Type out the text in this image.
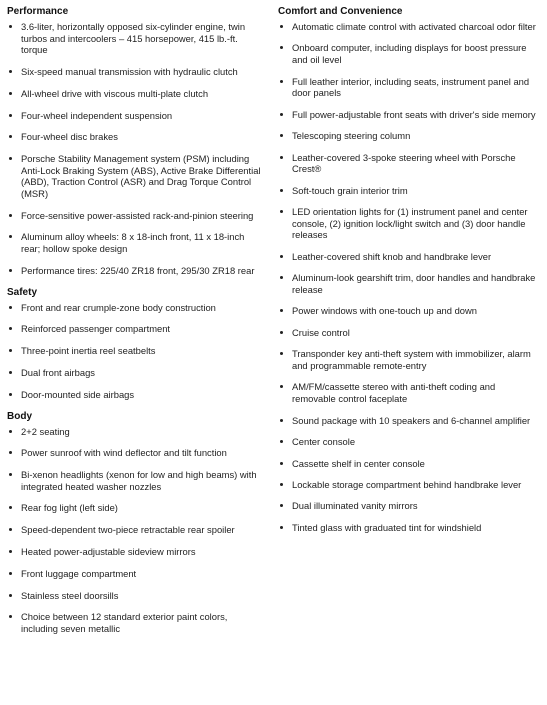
Performance
3.6-liter, horizontally opposed six-cylinder engine, twin turbos and intercoolers – 415 horsepower, 415 lb.-ft. torque
Six-speed manual transmission with hydraulic clutch
All-wheel drive with viscous multi-plate clutch
Four-wheel independent suspension
Four-wheel disc brakes
Porsche Stability Management system (PSM) including Anti-Lock Braking System (ABS), Active Brake Differential (ABD), Traction Control (ASR) and Drag Torque Control (MSR)
Force-sensitive power-assisted rack-and-pinion steering
Aluminum alloy wheels: 8 x 18-inch front, 11 x 18-inch rear; hollow spoke design
Performance tires: 225/40 ZR18 front, 295/30 ZR18 rear
Safety
Front and rear crumple-zone body construction
Reinforced passenger compartment
Three-point inertia reel seatbelts
Dual front airbags
Door-mounted side airbags
Body
2+2 seating
Power sunroof with wind deflector and tilt function
Bi-xenon headlights (xenon for low and high beams) with integrated heated washer nozzles
Rear fog light (left side)
Speed-dependent two-piece retractable rear spoiler
Heated power-adjustable sideview mirrors
Front luggage compartment
Stainless steel doorsills
Choice between 12 standard exterior paint colors, including seven metallic
Comfort and Convenience
Automatic climate control with activated charcoal odor filter
Onboard computer, including displays for boost pressure and oil level
Full leather interior, including seats, instrument panel and door panels
Full power-adjustable front seats with driver's side memory
Telescoping steering column
Leather-covered 3-spoke steering wheel with Porsche Crest®
Soft-touch grain interior trim
LED orientation lights for (1) instrument panel and center console, (2) ignition lock/light switch and (3) door handle releases
Leather-covered shift knob and handbrake lever
Aluminum-look gearshift trim, door handles and handbrake release
Power windows with one-touch up and down
Cruise control
Transponder key anti-theft system with immobilizer, alarm and programmable remote-entry
AM/FM/cassette stereo with anti-theft coding and removable control faceplate
Sound package with 10 speakers and 6-channel amplifier
Center console
Cassette shelf in center console
Lockable storage compartment behind handbrake lever
Dual illuminated vanity mirrors
Tinted glass with graduated tint for windshield
